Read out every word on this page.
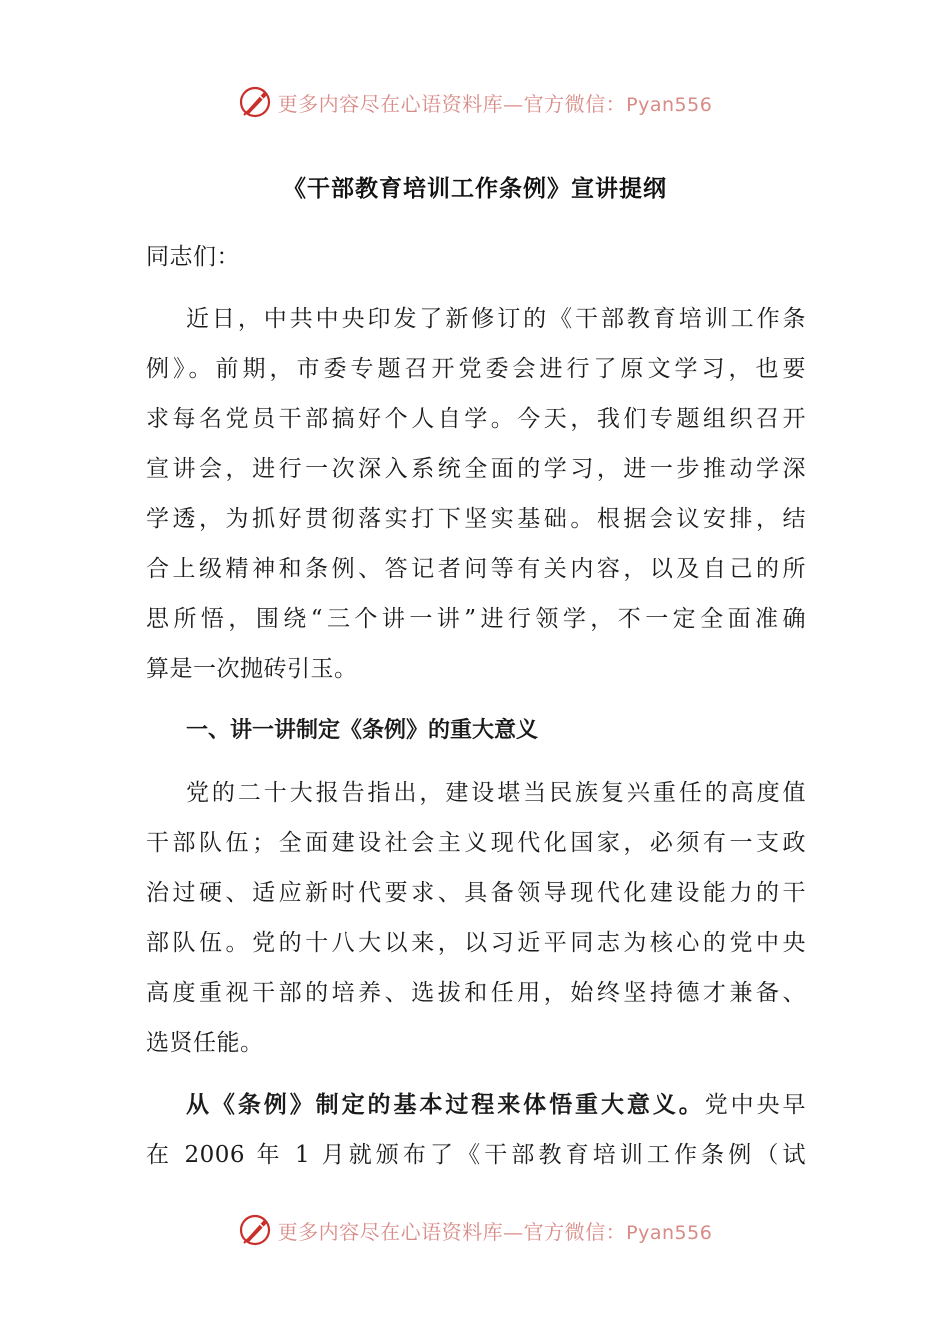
更多内容尽在心语资料库—官方微信：Pyan556
《干部教育培训工作条例》宣讲提纲
同志们：
近日，中共中央印发了新修订的《干部教育培训工作条
例》。前期，市委专题召开党委会进行了原文学习，也要
求每名党员干部搞好个人自学。今天，我们专题组织召开
宣讲会，进行一次深入系统全面的学习，进一步推动学深
学透，为抓好贯彻落实打下坚实基础。根据会议安排，结
合上级精神和条例、答记者问等有关内容，以及自己的所
思所悟，围绕“三个讲一讲”进行领学，不一定全面准确
算是一次抛砖引玉。
一、讲一讲制定《条例》的重大意义
党的二十大报告指出，建设堪当民族复兴重任的高度值
干部队伍；全面建设社会主义现代化国家，必须有一支政
治过硬、适应新时代要求、具备领导现代化建设能力的干
部队伍。党的十八大以来，以习近平同志为核心的党中央
高度重视干部的培养、选拔和任用，始终坚持德才兼备、
选贤任能。
从《条例》制定的基本过程来体悟重大意义。党中央早
在 2006 年 1 月就颁布了《干部教育培训工作条例（试
更多内容尽在心语资料库—官方微信：Pyan556
